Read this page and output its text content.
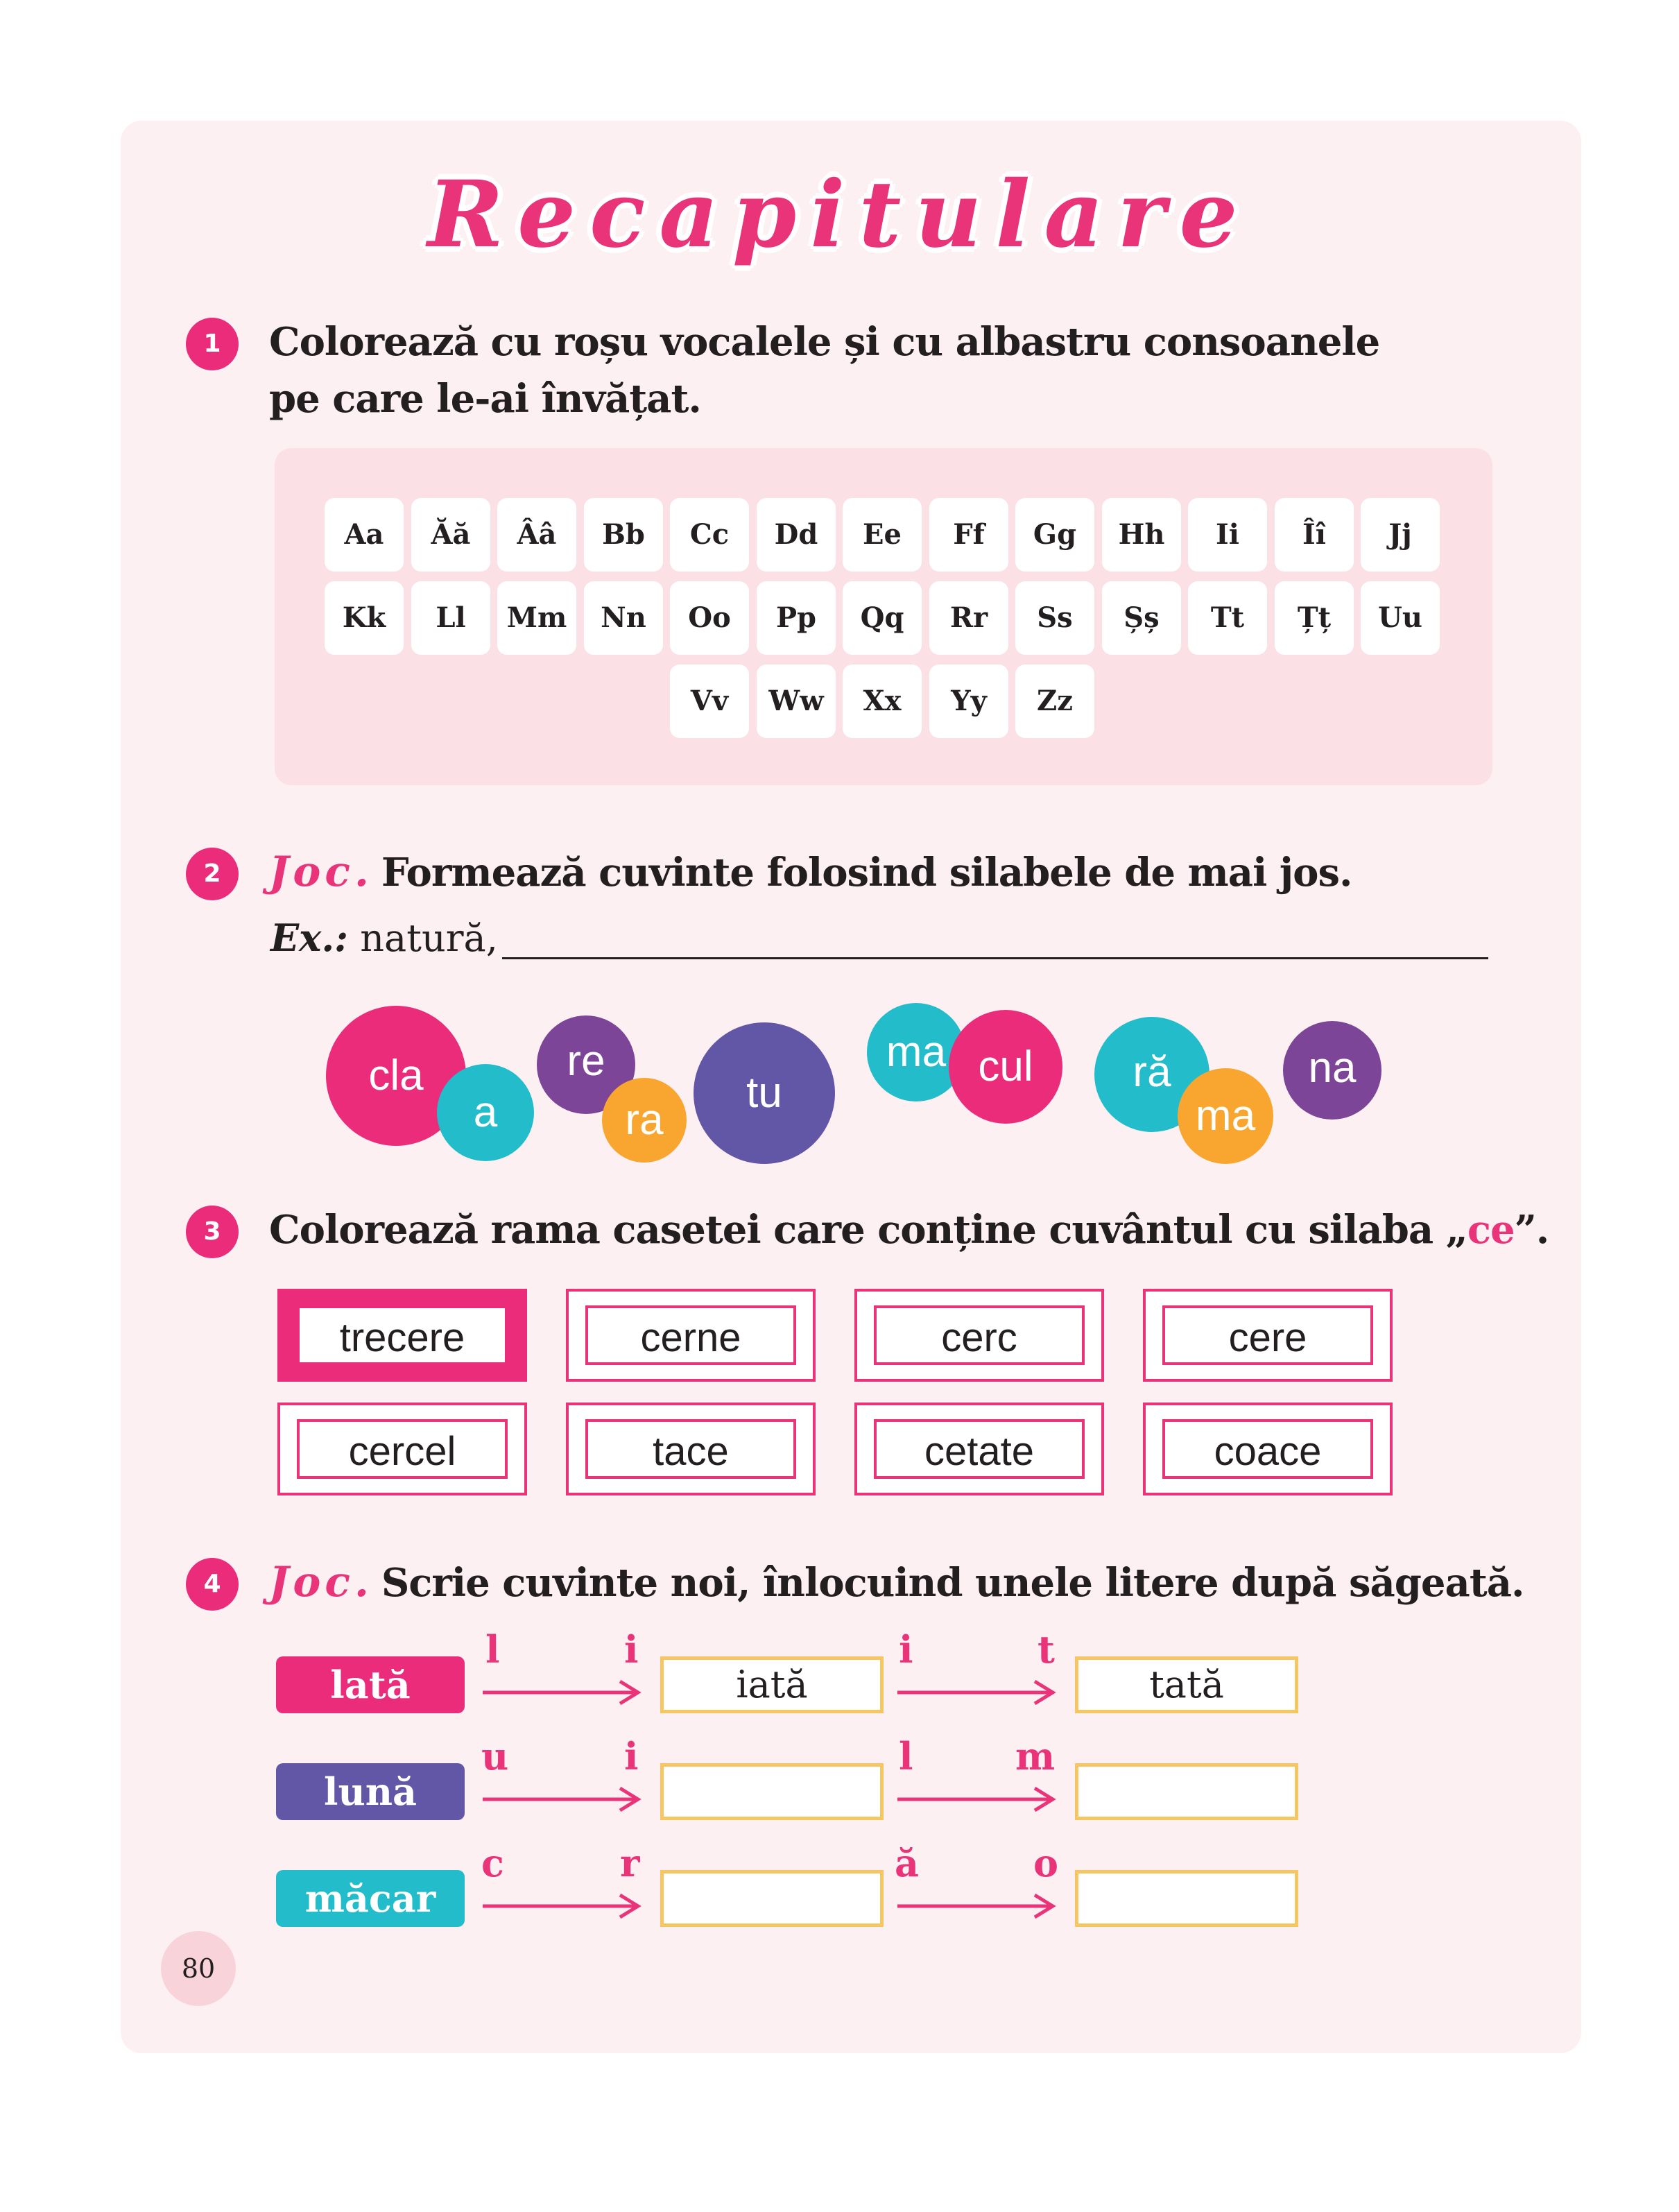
Recapitulare
1	Colorează cu roșu vocalele și cu albastru consoanele
pe care le-ai învățat.
Aa	Ăă	Ââ	Bb	Cc	Dd	Ee	Ff	Gg	Hh	Ii	Îî	Jj
Kk	Ll	Mm	Nn	Oo	Pp	Qq	Rr	Ss	Șș	Tt	Țț	Uu
Vv	Ww	Xx	Yy	Zz
2	Joc. Formează cuvinte folosind silabele de mai jos.
Ex.: natură,
cla
a
re
ra
tu
ma cul	ră
ma
na
3	Colorează rama casetei care conține cuvântul cu silaba „ce”.
trecere	cerne	cerc	cere
cercel	tace	cetate	coace
4	Joc. Scrie cuvinte noi, înlocuind unele litere după săgeată.
lată
l	i
iată
i	t
tată
lună
u	i	l	m
măcar
c	r	ă	o
80
